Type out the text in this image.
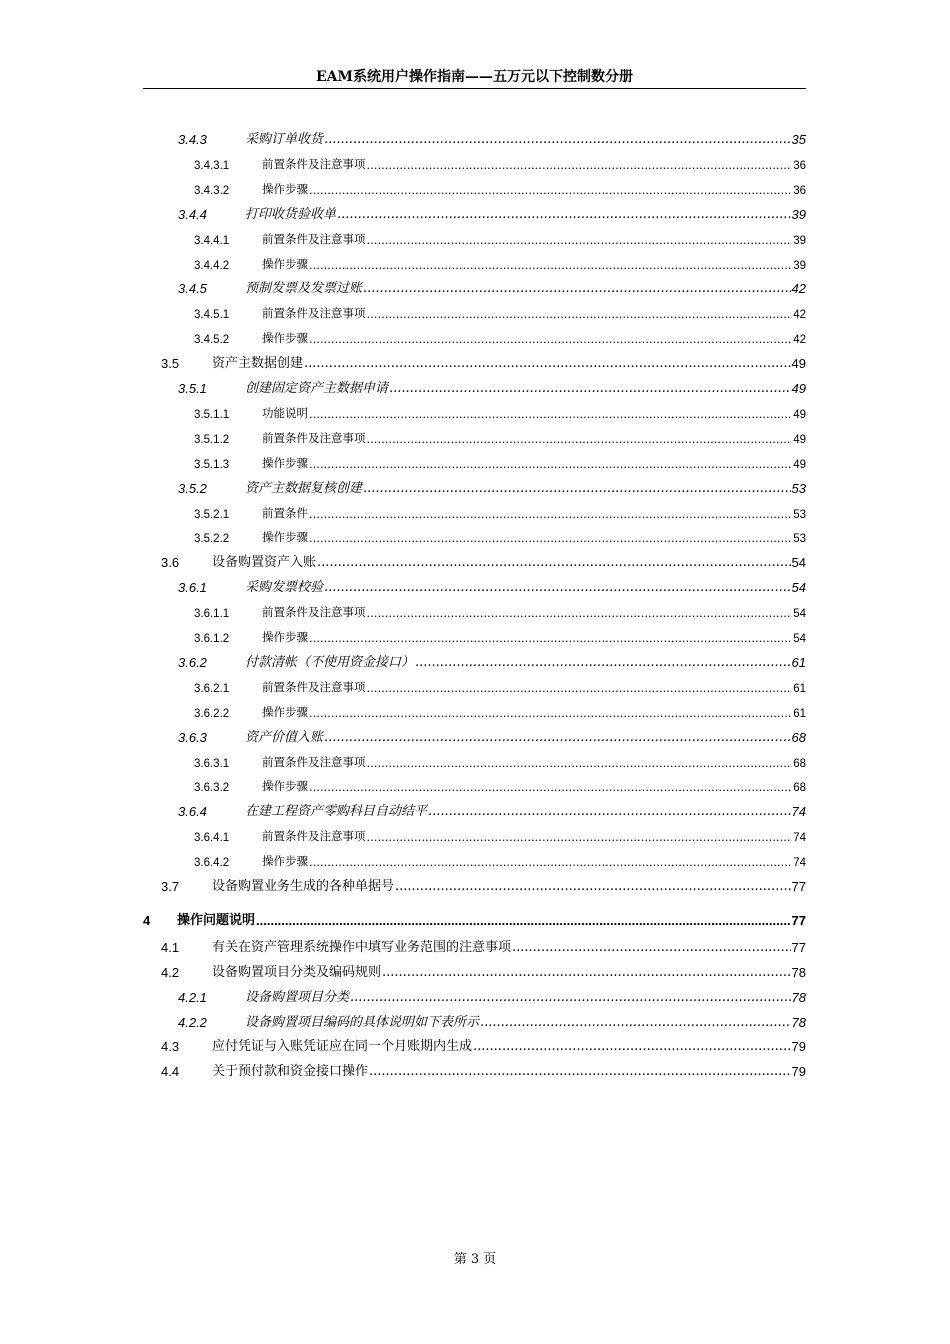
EAM系统用户操作指南——五万元以下控制数分册
3.4.3	采购订单收货 .....	35
3.4.3.1	前置条件及注意事项 .....	36
3.4.3.2	操作步骤 .....	36
3.4.4	打印收货验收单 .....	39
3.4.4.1	前置条件及注意事项 .....	39
3.4.4.2	操作步骤 .....	39
3.4.5	预制发票及发票过账 .....	42
3.4.5.1	前置条件及注意事项 .....	42
3.4.5.2	操作步骤 .....	42
3.5	资产主数据创建 .....	49
3.5.1	创建固定资产主数据申请 .....	49
3.5.1.1	功能说明 .....	49
3.5.1.2	前置条件及注意事项 .....	49
3.5.1.3	操作步骤 .....	49
3.5.2	资产主数据复核创建 .....	53
3.5.2.1	前置条件 .....	53
3.5.2.2	操作步骤 .....	53
3.6	设备购置资产入账 .....	54
3.6.1	采购发票校验 .....	54
3.6.1.1	前置条件及注意事项 .....	54
3.6.1.2	操作步骤 .....	54
3.6.2	付款清帐（不使用资金接口） .....	61
3.6.2.1	前置条件及注意事项 .....	61
3.6.2.2	操作步骤 .....	61
3.6.3	资产价值入账 .....	68
3.6.3.1	前置条件及注意事项 .....	68
3.6.3.2	操作步骤 .....	68
3.6.4	在建工程资产零购科目自动结平 .....	74
3.6.4.1	前置条件及注意事项 .....	74
3.6.4.2	操作步骤 .....	74
3.7	设备购置业务生成的各种单据号 .....	77
4	操作问题说明 .....	77
4.1	有关在资产管理系统操作中填写业务范围的注意事项 .....	77
4.2	设备购置项目分类及编码规则 .....	78
4.2.1	设备购置项目分类 .....	78
4.2.2	设备购置项目编码的具体说明如下表所示 .....	78
4.3	应付凭证与入账凭证应在同一个月账期内生成 .....	79
4.4	关于预付款和资金接口操作 .....	79
第 3 页
